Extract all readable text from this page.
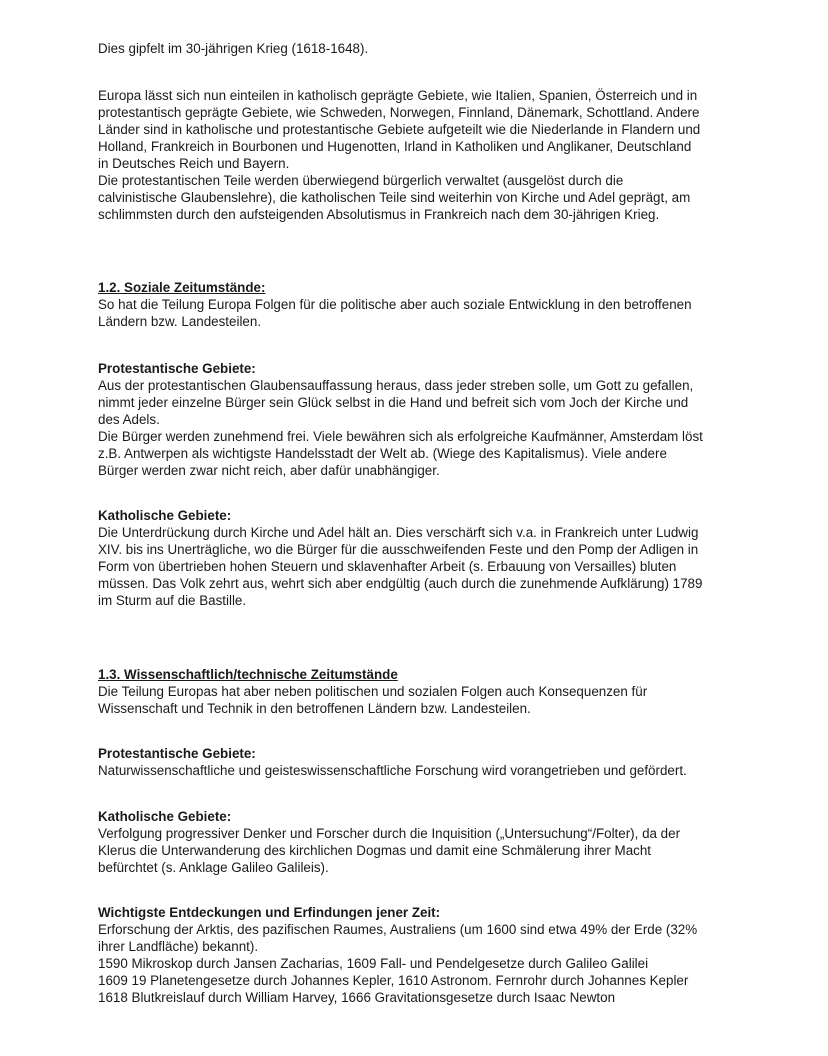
Dies gipfelt im 30-jährigen Krieg (1618-1648).
Europa lässt sich nun einteilen in katholisch geprägte Gebiete, wie Italien, Spanien, Österreich und in
protestantisch geprägte Gebiete, wie Schweden, Norwegen, Finnland, Dänemark, Schottland. Andere
Länder sind in katholische und protestantische Gebiete aufgeteilt wie die Niederlande in Flandern und
Holland, Frankreich in Bourbonen und Hugenotten, Irland in Katholiken und Anglikaner, Deutschland
in Deutsches Reich und Bayern.
Die protestantischen Teile werden überwiegend bürgerlich verwaltet (ausgelöst durch die
calvinistische Glaubenslehre), die katholischen Teile sind weiterhin von Kirche und Adel geprägt, am
schlimmsten durch den aufsteigenden Absolutismus in Frankreich nach dem 30-jährigen Krieg.
1.2. Soziale Zeitumstände:
So hat die Teilung Europa Folgen für die politische aber auch soziale Entwicklung in den betroffenen
Ländern bzw. Landesteilen.
Protestantische Gebiete:
Aus der protestantischen Glaubensauffassung heraus, dass jeder streben solle, um Gott zu gefallen,
nimmt jeder einzelne Bürger sein Glück selbst in die Hand und befreit sich vom Joch der Kirche und
des Adels.
Die Bürger werden zunehmend frei. Viele bewähren sich als erfolgreiche Kaufmänner, Amsterdam löst
z.B. Antwerpen als wichtigste Handelsstadt der Welt ab. (Wiege des Kapitalismus). Viele andere
Bürger werden zwar nicht reich, aber dafür unabhängiger.
Katholische Gebiete:
Die Unterdrückung durch Kirche und Adel hält an. Dies verschärft sich v.a. in Frankreich unter Ludwig
XIV. bis ins Unerträgliche, wo die Bürger für die ausschweifenden Feste und den Pomp der Adligen in
Form von übertrieben hohen Steuern und sklavenhafter Arbeit (s. Erbauung von Versailles) bluten
müssen. Das Volk zehrt aus, wehrt sich aber endgültig (auch durch die zunehmende Aufklärung) 1789
im Sturm auf die Bastille.
1.3. Wissenschaftlich/technische Zeitumstände
Die Teilung Europas hat aber neben politischen und sozialen Folgen auch Konsequenzen für
Wissenschaft und Technik in den betroffenen Ländern bzw. Landesteilen.
Protestantische Gebiete:
Naturwissenschaftliche und geisteswissenschaftliche Forschung wird vorangetrieben und gefördert.
Katholische Gebiete:
Verfolgung progressiver Denker und Forscher durch die Inquisition („Untersuchung“/Folter), da der
Klerus die Unterwanderung des kirchlichen Dogmas und damit eine Schmälerung ihrer Macht
befürchtet (s. Anklage Galileo Galileis).
Wichtigste Entdeckungen und Erfindungen jener Zeit:
Erforschung der Arktis, des pazifischen Raumes, Australiens (um 1600 sind etwa 49% der Erde (32%
ihrer Landfläche) bekannt).
1590 Mikroskop durch Jansen Zacharias, 1609 Fall- und Pendelgesetze durch Galileo Galilei
1609 19 Planetengesetze durch Johannes Kepler, 1610 Astronom. Fernrohr durch Johannes Kepler
1618 Blutkreislauf durch William Harvey, 1666 Gravitationsgesetze durch Isaac Newton
